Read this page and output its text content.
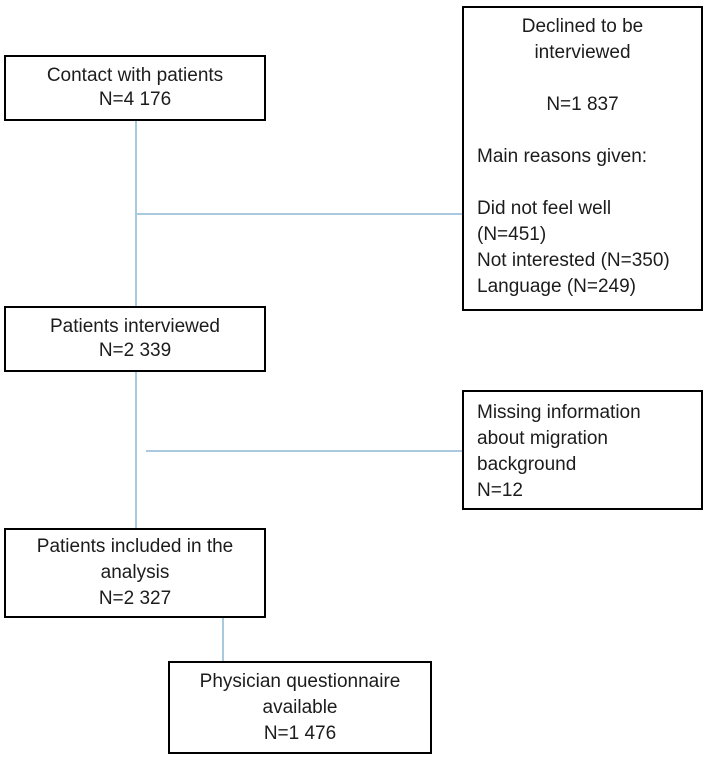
Contact with patients
N=4 176
Declined to be
interviewed
N=1 837
Main reasons given:
Did not feel well
(N=451)
Not interested (N=350)
Language (N=249)
Patients interviewed
N=2 339
Missing information
about migration
background
N=12
Patients included in the
analysis
N=2 327
Physician questionnaire
available
N=1 476
